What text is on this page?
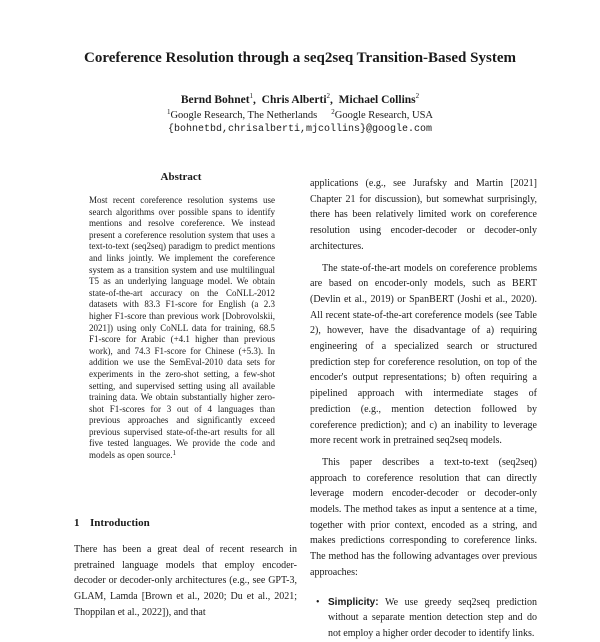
Coreference Resolution through a seq2seq Transition-Based System
Bernd Bohnet$^1$,  Chris Alberti$^2$,  Michael Collins$^2$
$^1$Google Research, The Netherlands $^2$Google Research, USA
{bohnetbd,chrisalberti,mjcollins}@google.com
Abstract

Most recent coreference resolution systems use search algorithms over possible spans to identify mentions and resolve coreference. We instead present a coreference resolution system that uses a text-to-text (seq2seq) paradigm to predict mentions and links jointly. We implement the coreference system as a transition system and use multilingual T5 as an underlying language model. We obtain state-of-the-art accuracy on the CoNLL-2012 datasets with 83.3 F1-score for English (a 2.3 higher F1-score than previous work [Dobrovolskii, 2021]) using only CoNLL data for training, 68.5 F1-score for Arabic (+4.1 higher than previous work), and 74.3 F1-score for Chinese (+5.3). In addition we use the SemEval-2010 data sets for experiments in the zero-shot setting, a few-shot setting, and supervised setting using all available training data. We obtain substantially higher zero-shot F1-scores for 3 out of 4 languages than previous approaches and significantly exceed previous supervised state-of-the-art results for all five tested languages. We provide the code and models as open source.$^1$

1 Introduction

There has been a great deal of recent research in pretrained language models that employ encoder-decoder or decoder-only architectures (e.g., see GPT-3, GLAM, Lamda [Brown et al., 2020; Du et al., 2021; Thoppilan et al., 2022]), and that

applications (e.g., see Jurafsky and Martin [2021] Chapter 21 for discussion), but somewhat surprisingly, there has been relatively limited work on coreference resolution using encoder-decoder or decoder-only architectures.

The state-of-the-art models on coreference problems are based on encoder-only models, such as BERT (Devlin et al., 2019) or SpanBERT (Joshi et al., 2020). All recent state-of-the-art coreference models (see Table 2), however, have the disadvantage of a) requiring engineering of a specialized search or structured prediction step for coreference resolution, on top of the encoder's output representations; b) often requiring a pipelined approach with intermediate stages of prediction (e.g., mention detection followed by coreference prediction); and c) an inability to leverage more recent work in pretrained seq2seq models.

This paper describes a text-to-text (seq2seq) approach to coreference resolution that can directly leverage modern encoder-decoder or decoder-only models. The method takes as input a sentence at a time, together with prior context, encoded as a string, and makes predictions corresponding to coreference links. The method has the following advantages over previous approaches:

• Simplicity: We use greedy seq2seq prediction without a separate mention detection step and do not employ a higher order decoder to identify links.
